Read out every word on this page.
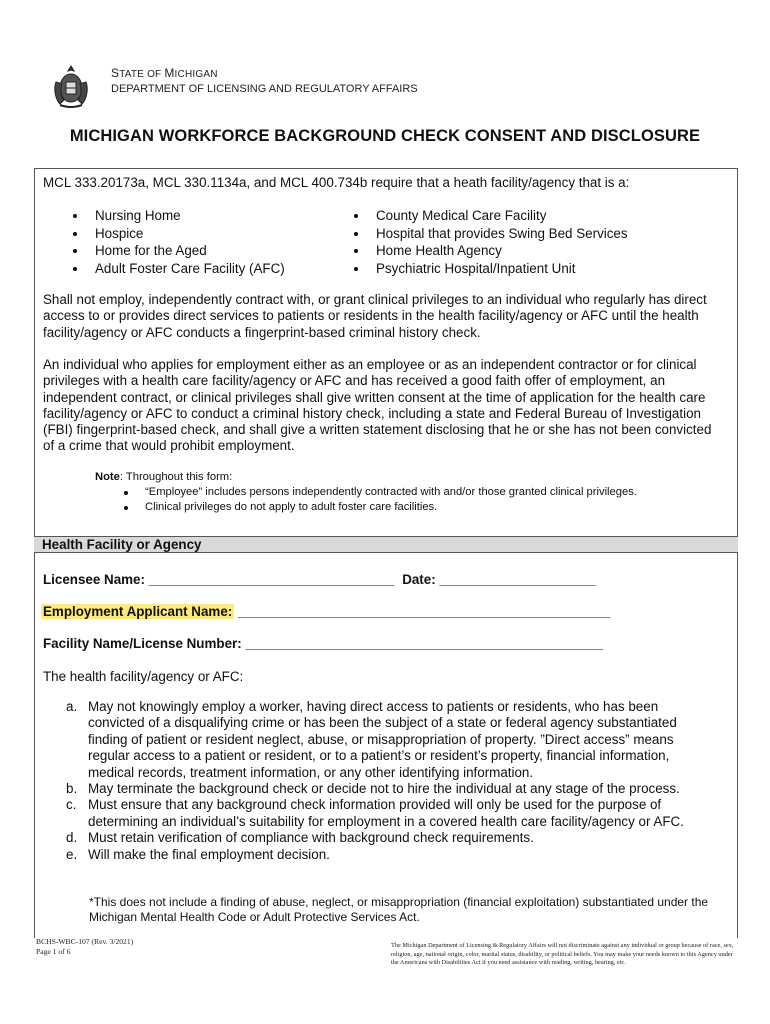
STATE OF MICHIGAN
DEPARTMENT OF LICENSING AND REGULATORY AFFAIRS
MICHIGAN WORKFORCE BACKGROUND CHECK CONSENT AND DISCLOSURE
MCL 333.20173a, MCL 330.1134a, and MCL 400.734b require that a heath facility/agency that is a:
Nursing Home
Hospice
Home for the Aged
Adult Foster Care Facility (AFC)
County Medical Care Facility
Hospital that provides Swing Bed Services
Home Health Agency
Psychiatric Hospital/Inpatient Unit
Shall not employ, independently contract with, or grant clinical privileges to an individual who regularly has direct access to or provides direct services to patients or residents in the health facility/agency or AFC until the health facility/agency or AFC conducts a fingerprint-based criminal history check.
An individual who applies for employment either as an employee or as an independent contractor or for clinical privileges with a health care facility/agency or AFC and has received a good faith offer of employment, an independent contract, or clinical privileges shall give written consent at the time of application for the health care facility/agency or AFC to conduct a criminal history check, including a state and Federal Bureau of Investigation (FBI) fingerprint-based check, and shall give a written statement disclosing that he or she has not been convicted of a crime that would prohibit employment.
Note: Throughout this form:
“Employee” includes persons independently contracted with and/or those granted clinical privileges.
Clinical privileges do not apply to adult foster care facilities.
Health Facility or Agency
Licensee Name: _________________________________ Date: _____________________
Employment Applicant Name: __________________________________________________
Facility Name/License Number: ________________________________________________
The health facility/agency or AFC:
a. May not knowingly employ a worker, having direct access to patients or residents, who has been convicted of a disqualifying crime or has been the subject of a state or federal agency substantiated finding of patient or resident neglect, abuse, or misappropriation of property. ”Direct access” means regular access to a patient or resident, or to a patient’s or resident’s property, financial information, medical records, treatment information, or any other identifying information.
b. May terminate the background check or decide not to hire the individual at any stage of the process.
c. Must ensure that any background check information provided will only be used for the purpose of determining an individual’s suitability for employment in a covered health care facility/agency or AFC.
d. Must retain verification of compliance with background check requirements.
e. Will make the final employment decision.
*This does not include a finding of abuse, neglect, or misappropriation (financial exploitation) substantiated under the Michigan Mental Health Code or Adult Protective Services Act.
BCHS-WBC-107 (Rev. 3/2021)
Page 1 of 6
The Michigan Department of Licensing & Regulatory Affairs will not discriminate against any individual or group because of race, sex, religion, age, national origin, color, marital status, disability, or political beliefs. You may make your needs known to this Agency under the Americans with Disabilities Act if you need assistance with reading, writing, hearing, etc.
